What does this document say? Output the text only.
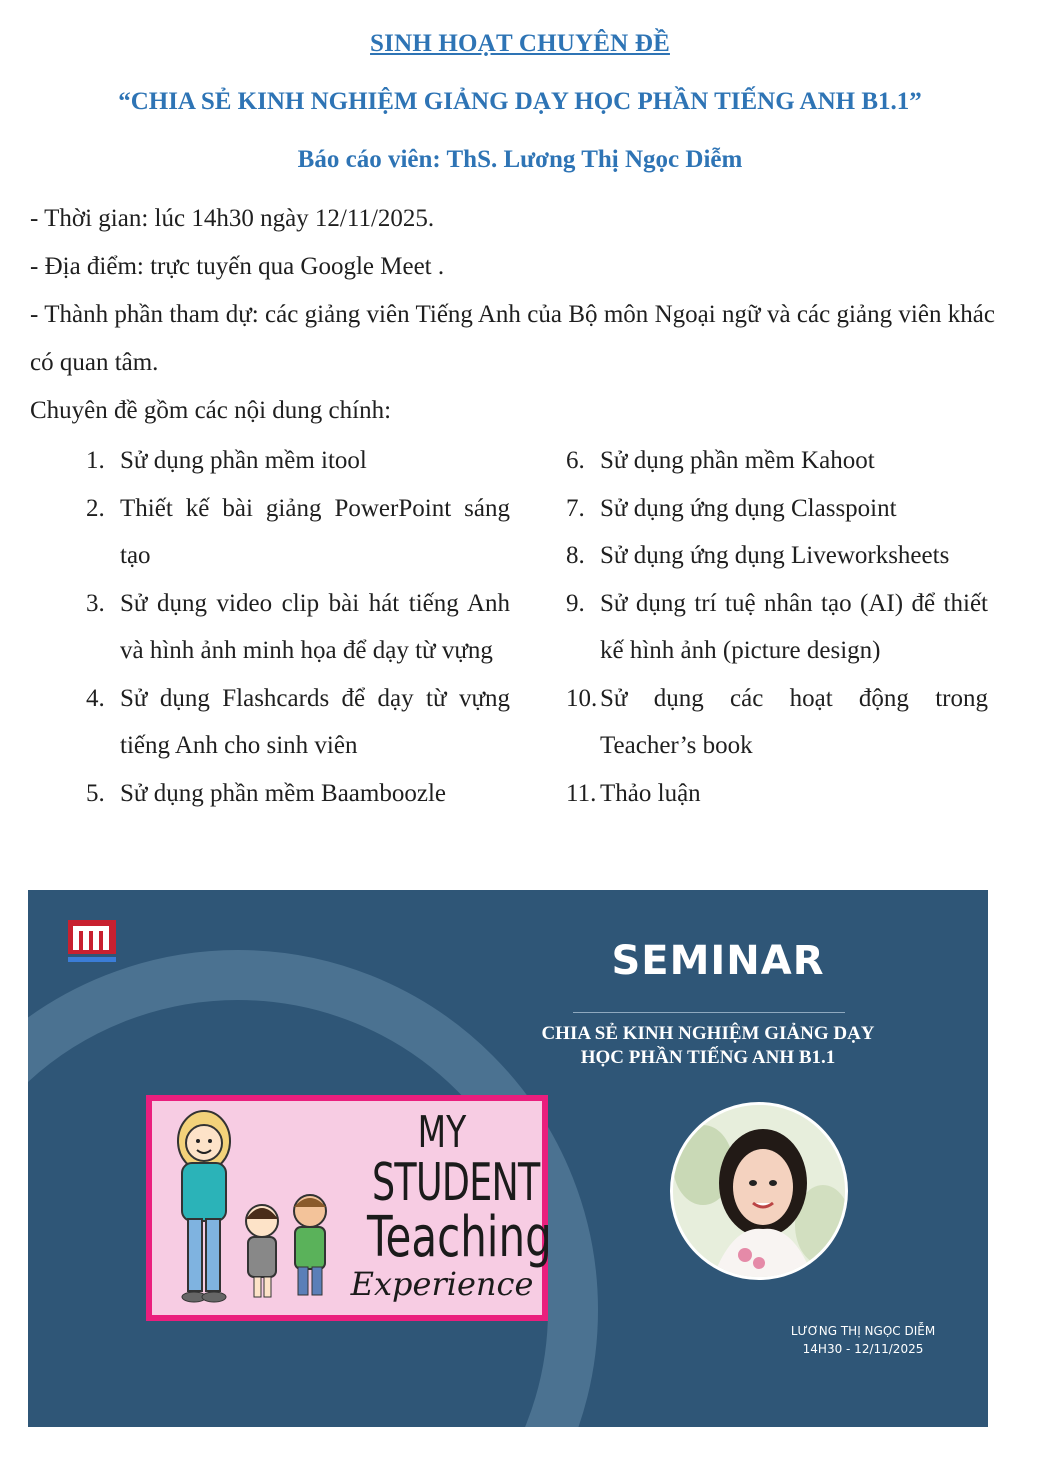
SINH HOẠT CHUYÊN ĐỀ
“CHIA SẺ KINH NGHIỆM GIẢNG DẠY HỌC PHẦN TIẾNG ANH B1.1”
Báo cáo viên: ThS. Lương Thị Ngọc Diễm

- Thời gian: lúc 14h30 ngày 12/11/2025.

- Địa điểm: trực tuyến qua Google Meet .

- Thành phần tham dự: các giảng viên Tiếng Anh của Bộ môn Ngoại ngữ và các giảng viên khác có quan tâm.

Chuyên đề gồm các nội dung chính:

1. Sử dụng phần mềm itool
2. Thiết kế bài giảng PowerPoint sáng tạo
3. Sử dụng video clip bài hát tiếng Anh và hình ảnh minh họa để dạy từ vựng
4. Sử dụng Flashcards để dạy từ vựng tiếng Anh cho sinh viên
5. Sử dụng phần mềm Baamboozle
6. Sử dụng phần mềm Kahoot
7. Sử dụng ứng dụng Classpoint
8. Sử dụng ứng dụng Liveworksheets
9. Sử dụng trí tuệ nhân tạo (AI) để thiết kế hình ảnh (picture design)
10. Sử dụng các hoạt động trong Teacher’s book
11. Thảo luận
SEMINAR
CHIA SẺ KINH NGHIỆM GIẢNG DẠY
HỌC PHẦN TIẾNG ANH B1.1
MY
STUDENT
Teaching
Experience
LƯƠNG THỊ NGỌC DIỄM
14H30 - 12/11/2025
